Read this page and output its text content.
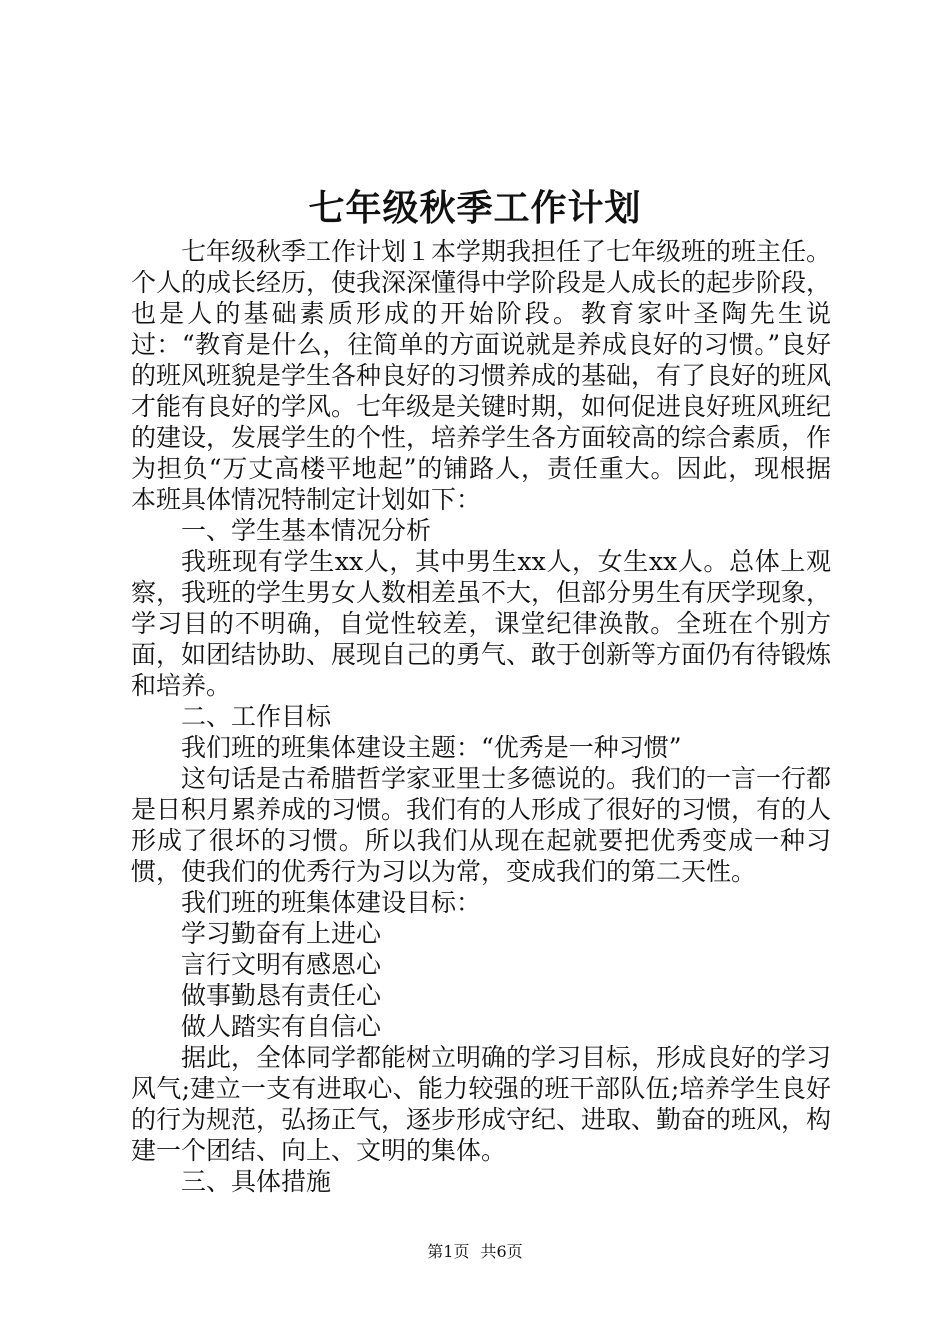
七年级秋季工作计划

七年级秋季工作计划１本学期我担任了七年级班的班主任。个人的成长经历，使我深深懂得中学阶段是人成长的起步阶段，也是人的基础素质形成的开始阶段。教育家叶圣陶先生说过：“教育是什么，往简单的方面说就是养成良好的习惯。”良好的班风班貌是学生各种良好的习惯养成的基础，有了良好的班风才能有良好的学风。七年级是关键时期，如何促进良好班风班纪的建设，发展学生的个性，培养学生各方面较高的综合素质，作为担负“万丈高楼平地起”的铺路人，责任重大。因此，现根据本班具体情况特制定计划如下：

一、学生基本情况分析

我班现有学生xx人，其中男生xx人，女生xx人。总体上观察，我班的学生男女人数相差虽不大，但部分男生有厌学现象，学习目的不明确，自觉性较差，课堂纪律涣散。全班在个别方面，如团结协助、展现自己的勇气、敢于创新等方面仍有待锻炼和培养。

二、工作目标

我们班的班集体建设主题：“优秀是一种习惯”

这句话是古希腊哲学家亚里士多德说的。我们的一言一行都是日积月累养成的习惯。我们有的人形成了很好的习惯，有的人形成了很坏的习惯。所以我们从现在起就要把优秀变成一种习惯，使我们的优秀行为习以为常，变成我们的第二天性。

我们班的班集体建设目标：

学习勤奋有上进心

言行文明有感恩心

做事勤恳有责任心

做人踏实有自信心

据此，全体同学都能树立明确的学习目标，形成良好的学习风气;建立一支有进取心、能力较强的班干部队伍;培养学生良好的行为规范，弘扬正气，逐步形成守纪、进取、勤奋的班风，构建一个团结、向上、文明的集体。

三、具体措施

第1页 共6页
